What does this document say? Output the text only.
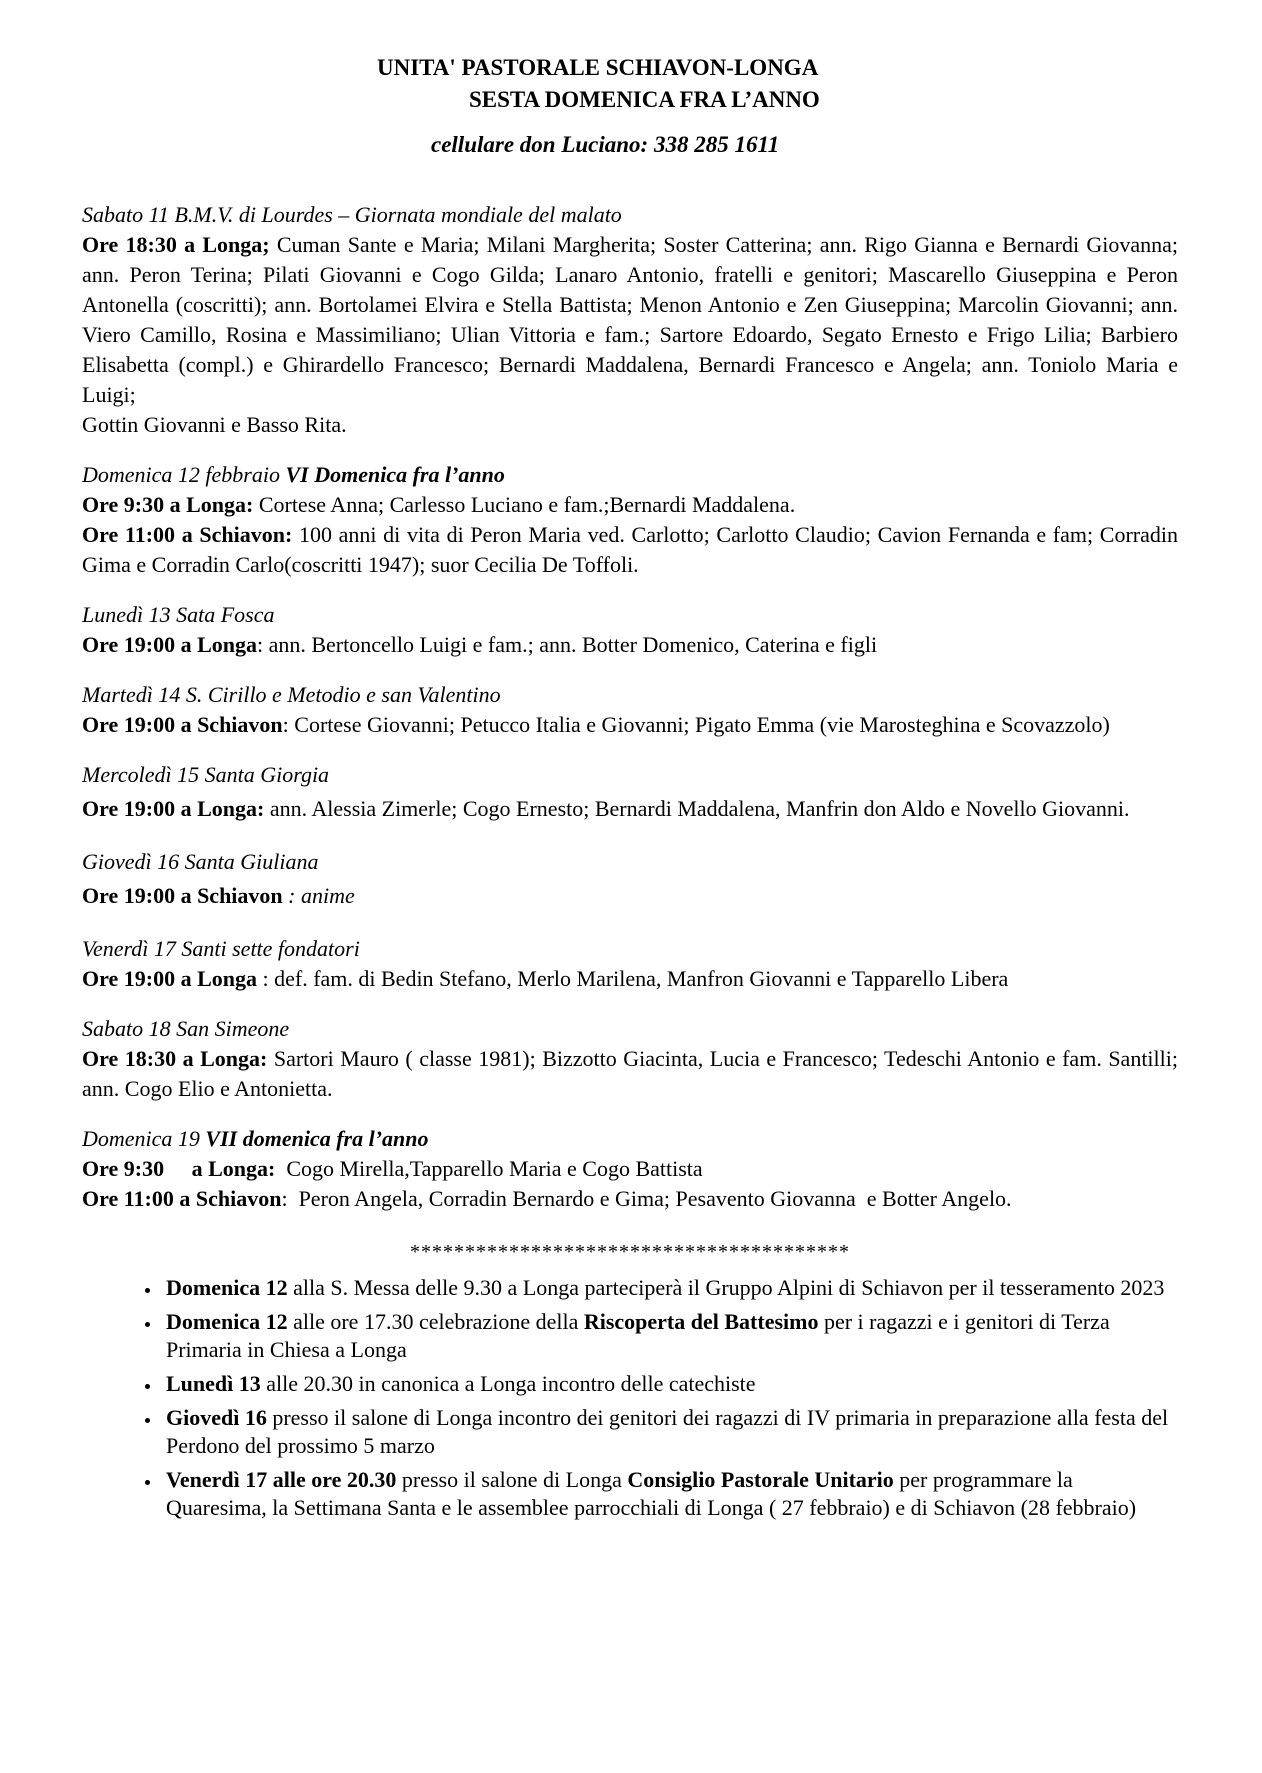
UNITA' PASTORALE SCHIAVON-LONGA
SESTA DOMENICA FRA L’ANNO
cellulare don Luciano: 338 285 1611
Sabato 11 B.M.V. di Lourdes – Giornata mondiale del malato
Ore 18:30 a Longa; Cuman Sante e Maria; Milani Margherita; Soster Catterina; ann. Rigo Gianna e Bernardi Giovanna; ann. Peron Terina; Pilati Giovanni e Cogo Gilda; Lanaro Antonio, fratelli e genitori; Mascarello Giuseppina e Peron Antonella (coscritti); ann. Bortolamei Elvira e Stella Battista; Menon Antonio e Zen Giuseppina; Marcolin Giovanni; ann. Viero Camillo, Rosina e Massimiliano; Ulian Vittoria e fam.; Sartore Edoardo, Segato Ernesto e Frigo Lilia; Barbiero Elisabetta (compl.) e Ghirardello Francesco; Bernardi Maddalena, Bernardi Francesco e Angela; ann. Toniolo Maria e Luigi;
Gottin Giovanni e Basso Rita.
Domenica 12 febbraio VI Domenica fra l’anno
Ore 9:30 a Longa: Cortese Anna; Carlesso Luciano e fam.;Bernardi Maddalena.
Ore 11:00 a Schiavon: 100 anni di vita di Peron Maria ved. Carlotto; Carlotto Claudio; Cavion Fernanda e fam; Corradin Gima e Corradin Carlo(coscritti 1947); suor Cecilia De Toffoli.
Lunedì 13 Sata Fosca
Ore 19:00 a Longa: ann. Bertoncello Luigi e fam.; ann. Botter Domenico, Caterina e figli
Martedì 14 S. Cirillo e Metodio e san Valentino
Ore 19:00 a Schiavon: Cortese Giovanni; Petucco Italia e Giovanni; Pigato Emma (vie Marosteghina e Scovazzolo)
Mercoledì 15 Santa Giorgia
Ore 19:00 a Longa: ann. Alessia Zimerle; Cogo Ernesto; Bernardi Maddalena, Manfrin don Aldo e Novello Giovanni.
Giovedì 16 Santa Giuliana
Ore 19:00 a Schiavon : anime
Venerdì 17 Santi sette fondatori
Ore 19:00 a Longa : def. fam. di Bedin Stefano, Merlo Marilena, Manfron Giovanni e Tapparello Libera
Sabato 18 San Simeone
Ore 18:30 a Longa: Sartori Mauro ( classe 1981); Bizzotto Giacinta, Lucia e Francesco; Tedeschi Antonio e fam. Santilli; ann. Cogo Elio e Antonietta.
Domenica 19 VII domenica fra l’anno
Ore 9:30     a Longa:  Cogo Mirella,Tapparello Maria e Cogo Battista
Ore 11:00 a Schiavon:  Peron Angela, Corradin Bernardo e Gima; Pesavento Giovanna  e Botter Angelo.
****************************************
• Domenica 12 alla S. Messa delle 9.30 a Longa parteciperà il Gruppo Alpini di Schiavon per il tesseramento 2023
• Domenica 12 alle ore 17.30 celebrazione della Riscoperta del Battesimo per i ragazzi e i genitori di Terza Primaria in Chiesa a Longa
• Lunedì 13 alle 20.30 in canonica a Longa incontro delle catechiste
• Giovedì 16 presso il salone di Longa incontro dei genitori dei ragazzi di IV primaria in preparazione alla festa del Perdono del prossimo 5 marzo
• Venerdì 17 alle ore 20.30 presso il salone di Longa Consiglio Pastorale Unitario per programmare la Quaresima, la Settimana Santa e le assemblee parrocchiali di Longa ( 27 febbraio) e di Schiavon (28 febbraio)
